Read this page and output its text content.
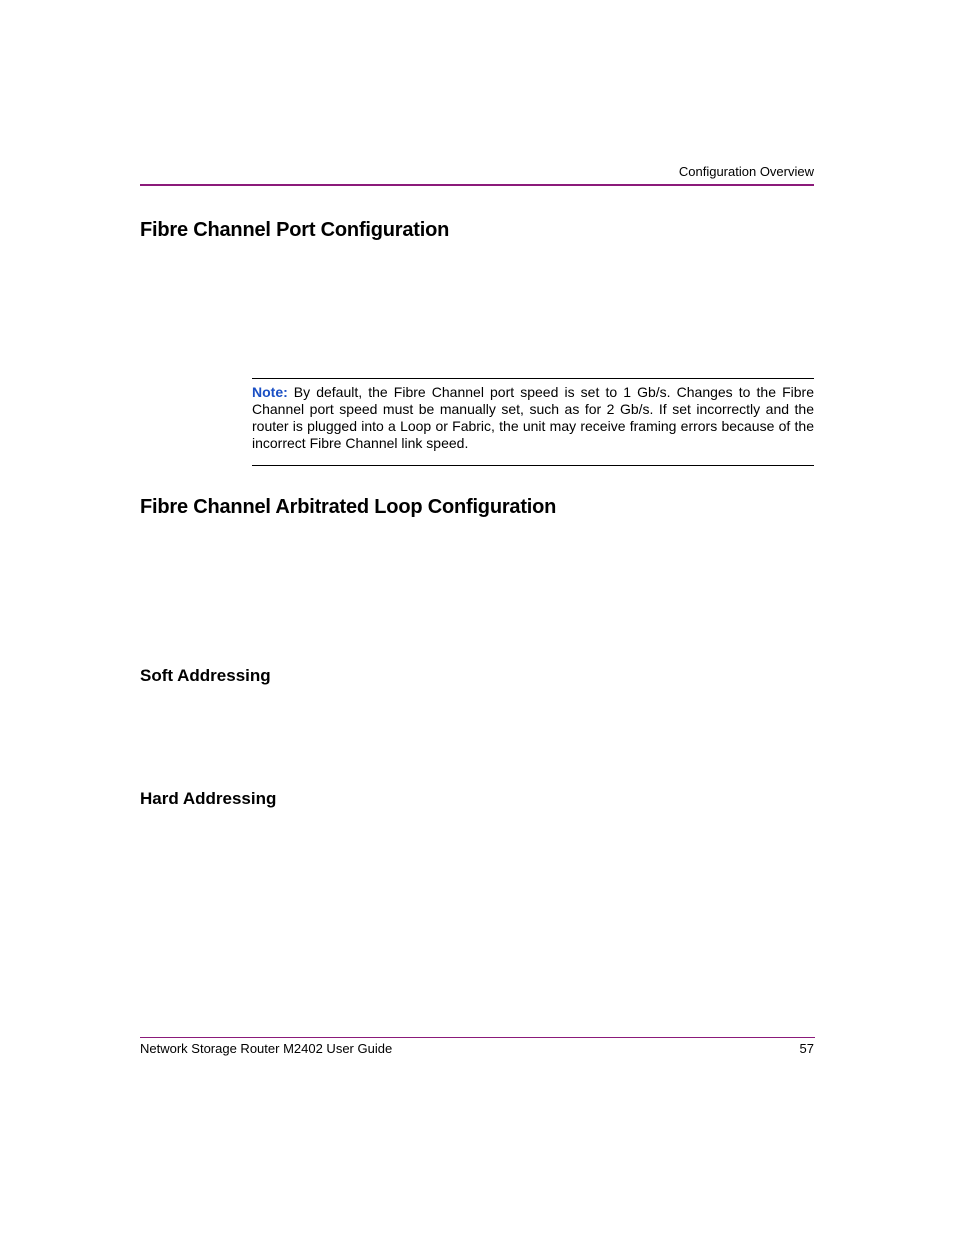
Configuration Overview
Fibre Channel Port Configuration
Note: By default, the Fibre Channel port speed is set to 1 Gb/s. Changes to the Fibre Channel port speed must be manually set, such as for 2 Gb/s. If set incorrectly and the router is plugged into a Loop or Fabric, the unit may receive framing errors because of the incorrect Fibre Channel link speed.
Fibre Channel Arbitrated Loop Configuration
Soft Addressing
Hard Addressing
Network Storage Router M2402 User Guide	57
